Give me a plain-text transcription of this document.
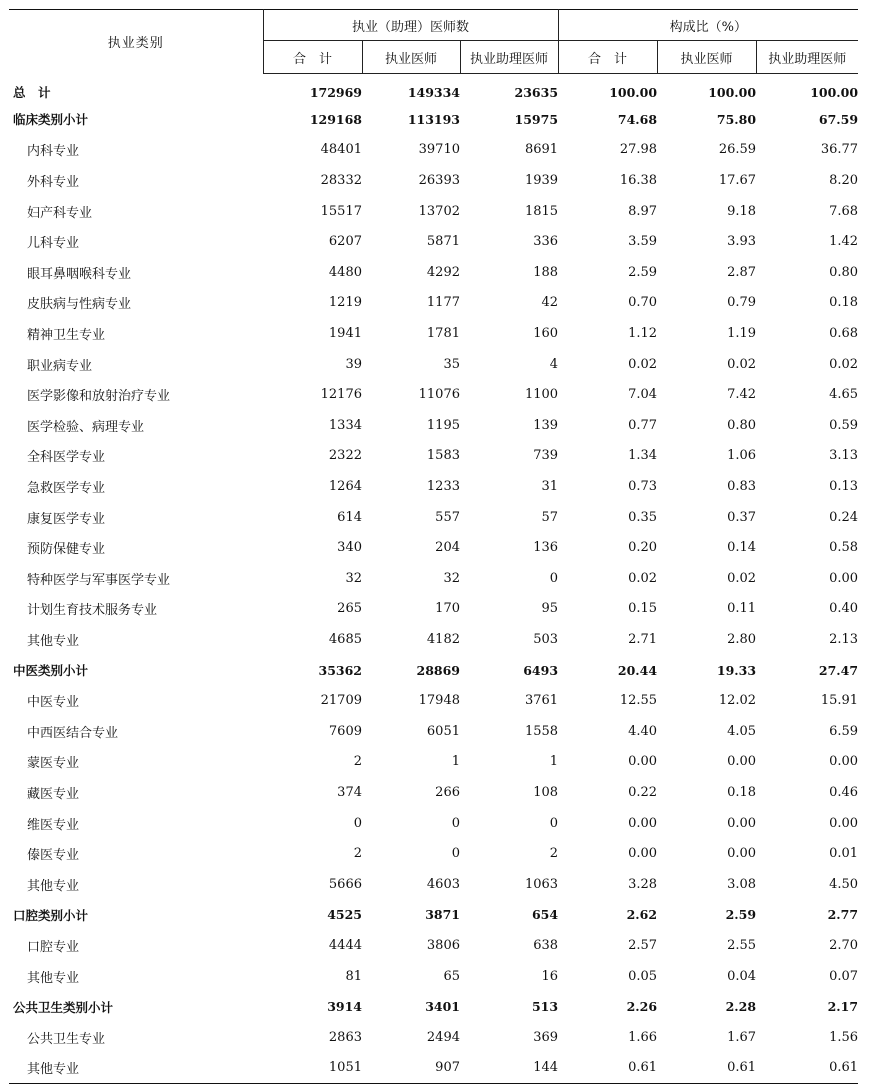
执业类别	执业（助理）医师数			构成比（%）		
	合　计	执业医师	执业助理医师	合　计	执业医师	执业助理医师
总　计	172969	149334	23635	100.00	100.00	100.00
临床类别小计	129168	113193	15975	74.68	75.80	67.59
内科专业	48401	39710	8691	27.98	26.59	36.77
外科专业	28332	26393	1939	16.38	17.67	8.20
妇产科专业	15517	13702	1815	8.97	9.18	7.68
儿科专业	6207	5871	336	3.59	3.93	1.42
眼耳鼻咽喉科专业	4480	4292	188	2.59	2.87	0.80
皮肤病与性病专业	1219	1177	42	0.70	0.79	0.18
精神卫生专业	1941	1781	160	1.12	1.19	0.68
职业病专业	39	35	4	0.02	0.02	0.02
医学影像和放射治疗专业	12176	11076	1100	7.04	7.42	4.65
医学检验、病理专业	1334	1195	139	0.77	0.80	0.59
全科医学专业	2322	1583	739	1.34	1.06	3.13
急救医学专业	1264	1233	31	0.73	0.83	0.13
康复医学专业	614	557	57	0.35	0.37	0.24
预防保健专业	340	204	136	0.20	0.14	0.58
特种医学与军事医学专业	32	32	0	0.02	0.02	0.00
计划生育技术服务专业	265	170	95	0.15	0.11	0.40
其他专业	4685	4182	503	2.71	2.80	2.13
中医类别小计	35362	28869	6493	20.44	19.33	27.47
中医专业	21709	17948	3761	12.55	12.02	15.91
中西医结合专业	7609	6051	1558	4.40	4.05	6.59
蒙医专业	2	1	1	0.00	0.00	0.00
藏医专业	374	266	108	0.22	0.18	0.46
维医专业	0	0	0	0.00	0.00	0.00
傣医专业	2	0	2	0.00	0.00	0.01
其他专业	5666	4603	1063	3.28	3.08	4.50
口腔类别小计	4525	3871	654	2.62	2.59	2.77
口腔专业	4444	3806	638	2.57	2.55	2.70
其他专业	81	65	16	0.05	0.04	0.07
公共卫生类别小计	3914	3401	513	2.26	2.28	2.17
公共卫生专业	2863	2494	369	1.66	1.67	1.56
其他专业	1051	907	144	0.61	0.61	0.61
